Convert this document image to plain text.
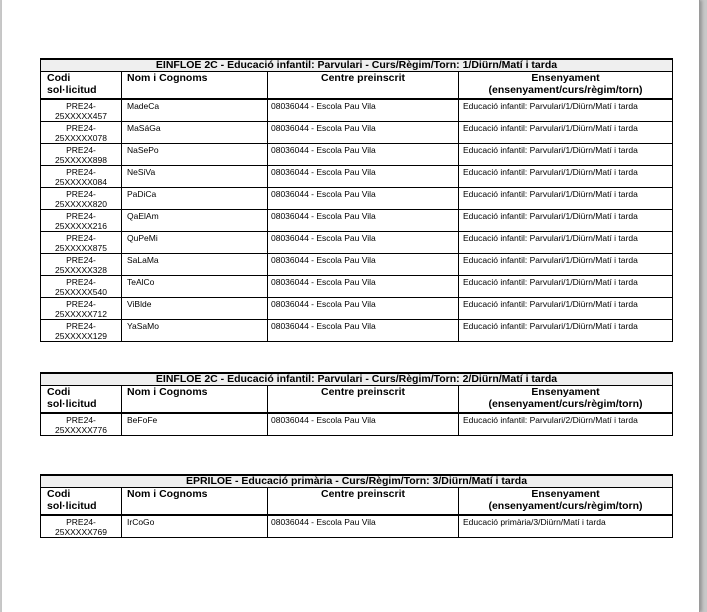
EINFLOE 2C - Educació infantil: Parvulari - Curs/Règim/Torn: 1/Diürn/Matí i tarda			

Codi
sol·licitud	Nom i Cognoms	Centre preinscrit	Ensenyament
(ensenyament/curs/règim/torn)

PRE24-
25XXXXX457	MadeCa	08036044 - Escola Pau Vila	Educació infantil: Parvulari/1/Diürn/Matí i tarda

PRE24-
25XXXXX078	MaSáGa	08036044 - Escola Pau Vila	Educació infantil: Parvulari/1/Diürn/Matí i tarda

PRE24-
25XXXXX898	NaSePo	08036044 - Escola Pau Vila	Educació infantil: Parvulari/1/Diürn/Matí i tarda

PRE24-
25XXXXX084	NeSiVa	08036044 - Escola Pau Vila	Educació infantil: Parvulari/1/Diürn/Matí i tarda

PRE24-
25XXXXX820	PaDiCa	08036044 - Escola Pau Vila	Educació infantil: Parvulari/1/Diürn/Matí i tarda

PRE24-
25XXXXX216	QaElAm	08036044 - Escola Pau Vila	Educació infantil: Parvulari/1/Diürn/Matí i tarda

PRE24-
25XXXXX875	QuPeMi	08036044 - Escola Pau Vila	Educació infantil: Parvulari/1/Diürn/Matí i tarda

PRE24-
25XXXXX328	SaLaMa	08036044 - Escola Pau Vila	Educació infantil: Parvulari/1/Diürn/Matí i tarda

PRE24-
25XXXXX540	TeAlCo	08036044 - Escola Pau Vila	Educació infantil: Parvulari/1/Diürn/Matí i tarda

PRE24-
25XXXXX712	ViBlde	08036044 - Escola Pau Vila	Educació infantil: Parvulari/1/Diürn/Matí i tarda

PRE24-
25XXXXX129	YaSaMo	08036044 - Escola Pau Vila	Educació infantil: Parvulari/1/Diürn/Matí i tarda
EINFLOE 2C - Educació infantil: Parvulari - Curs/Règim/Torn: 2/Diürn/Matí i tarda			

Codi
sol·licitud	Nom i Cognoms	Centre preinscrit	Ensenyament
(ensenyament/curs/règim/torn)

PRE24-
25XXXXX776	BeFoFe	08036044 - Escola Pau Vila	Educació infantil: Parvulari/2/Diürn/Matí i tarda
EPRILOE - Educació primària - Curs/Règim/Torn: 3/Diürn/Matí i tarda			

Codi
sol·licitud	Nom i Cognoms	Centre preinscrit	Ensenyament
(ensenyament/curs/règim/torn)

PRE24-
25XXXXX769	IrCoGo	08036044 - Escola Pau Vila	Educació primària/3/Diürn/Matí i tarda
